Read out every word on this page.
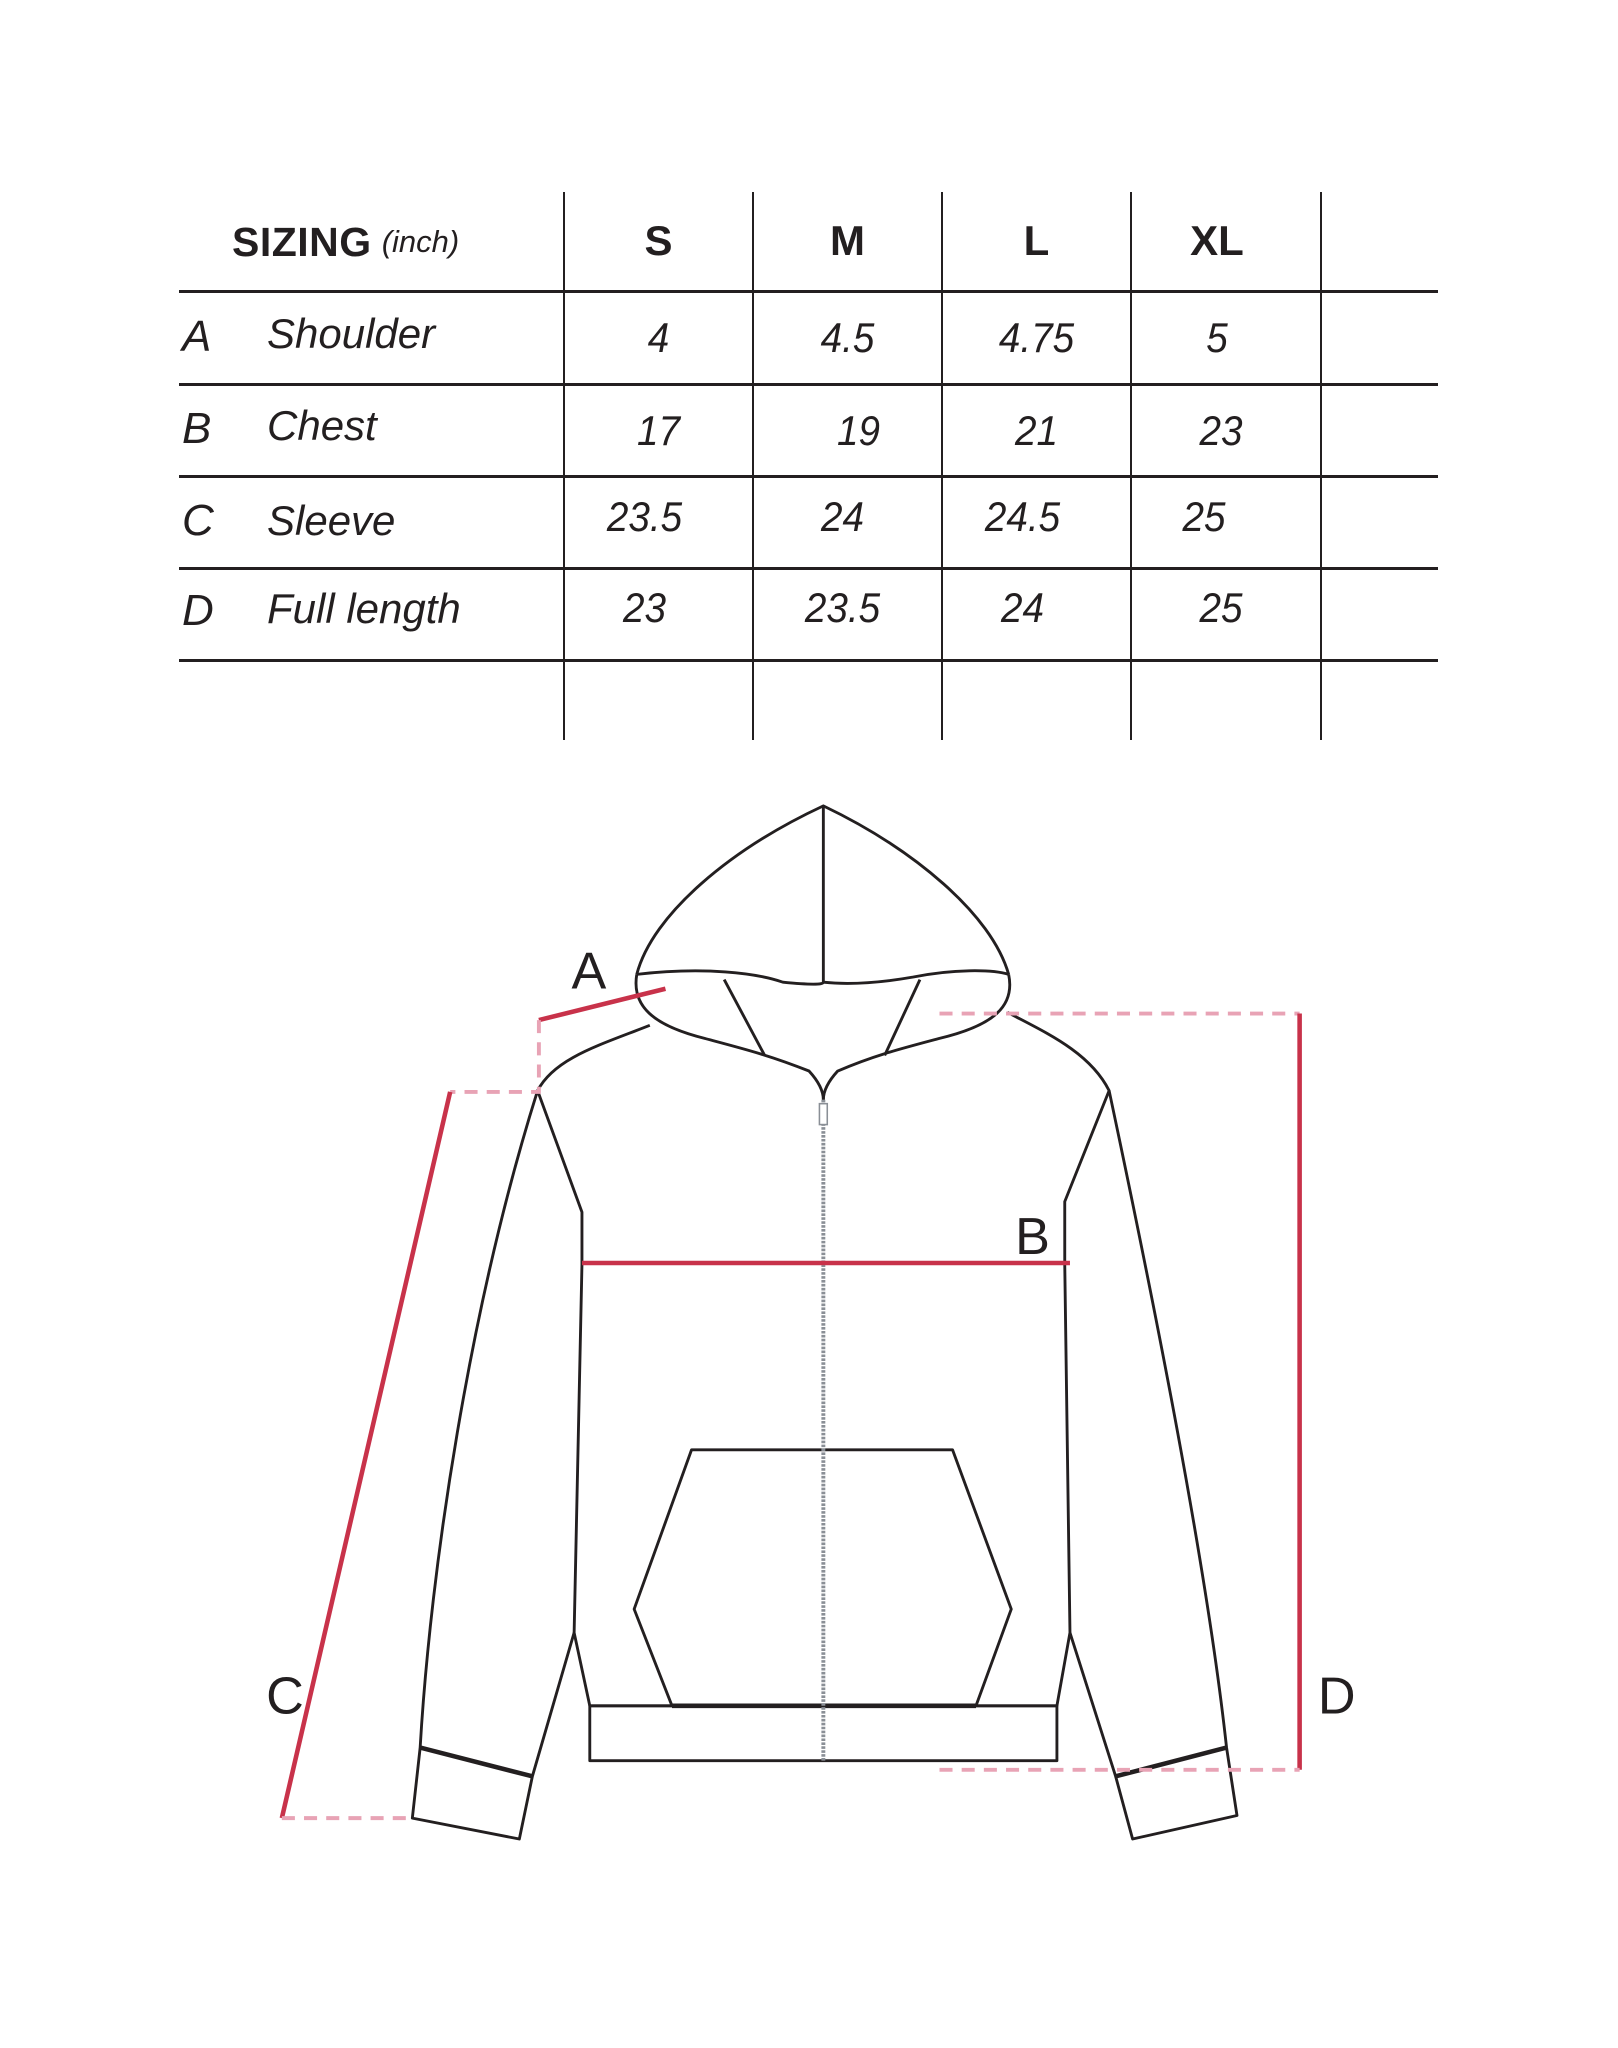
SIZING (inch)	S	M	L	XL
A Shoulder	4	4.5	4.75	5
B Chest	17	19	21	23
C Sleeve	23.5	24	24.5	25
D Full length	23	23.5	24	25
A
B
C	D
